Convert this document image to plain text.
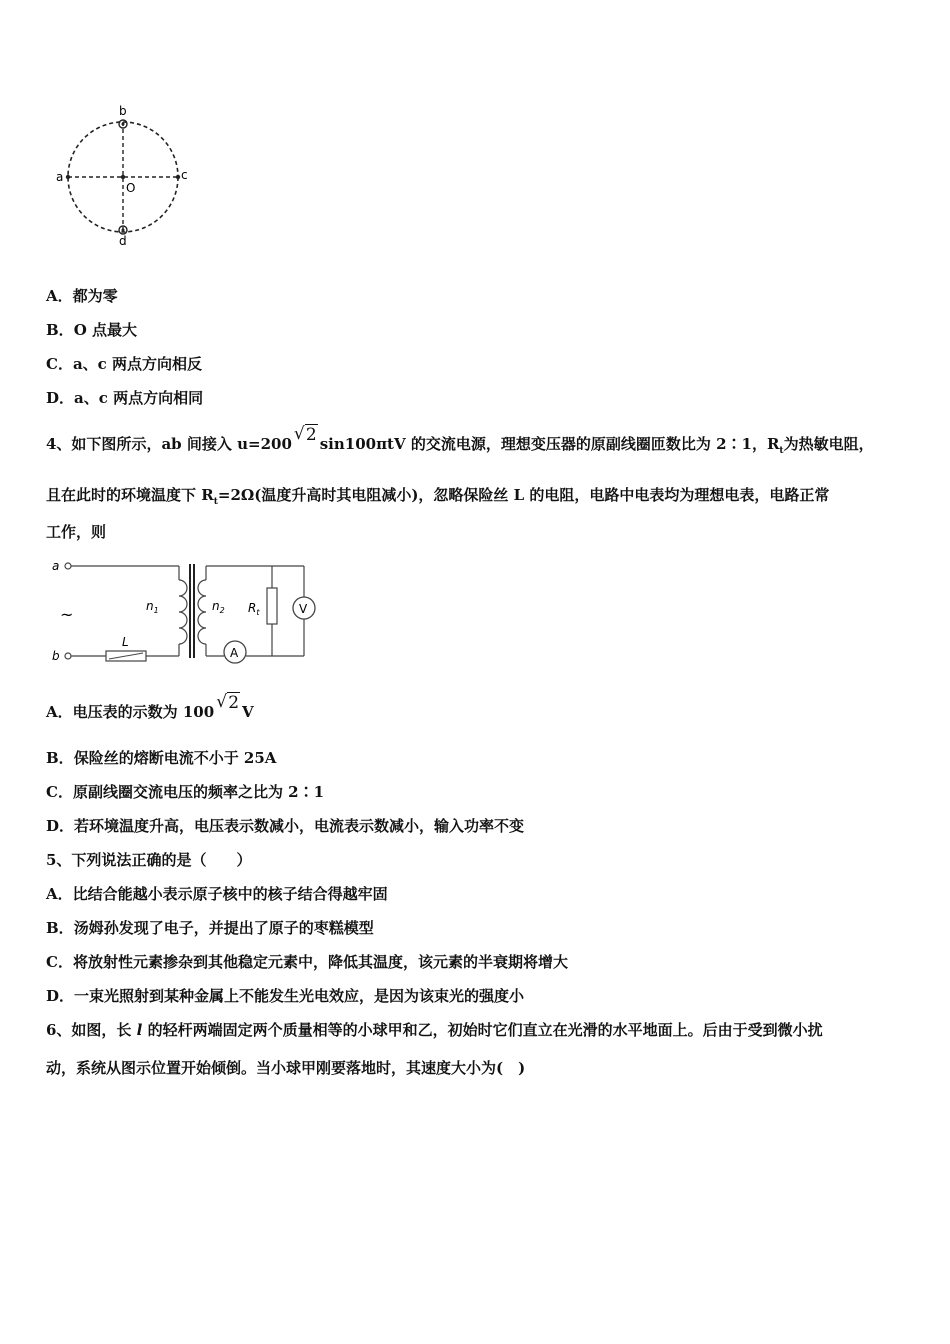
b
d
a	c
O
A．都为零
B．O 点最大
C．a、c 两点方向相反
D．a、c 两点方向相同
4、如下图所示，ab 间接入 u=200 √ 2 sin100πtV 的交流电源，理想变压器的原副线圈匝数比为 2∶1，$R_t$为热敏电阻，
且在此时的环境温度下 $R_t=2\Omega$(温度升高时其电阻减小)，忽略保险丝 L 的电阻，电路中电表均为理想电表，电路正常
工作，则
a
b
~
L
$n_1$	$n_2$
A
$R_t$	V
A．电压表的示数为 100 √ 2 V
B．保险丝的熔断电流不小于 25A
C．原副线圈交流电压的频率之比为 2∶1
D．若环境温度升高，电压表示数减小，电流表示数减小，输入功率不变
5、下列说法正确的是（　　）
A．比结合能越小表示原子核中的核子结合得越牢固
B．汤姆孙发现了电子，并提出了原子的枣糕模型
C．将放射性元素掺杂到其他稳定元素中，降低其温度，该元素的半衰期将增大
D．一束光照射到某种金属上不能发生光电效应，是因为该束光的强度小
6、如图，长 l 的轻杆两端固定两个质量相等的小球甲和乙，初始时它们直立在光滑的水平地面上。后由于受到微小扰
动，系统从图示位置开始倾倒。当小球甲刚要落地时，其速度大小为(　)
